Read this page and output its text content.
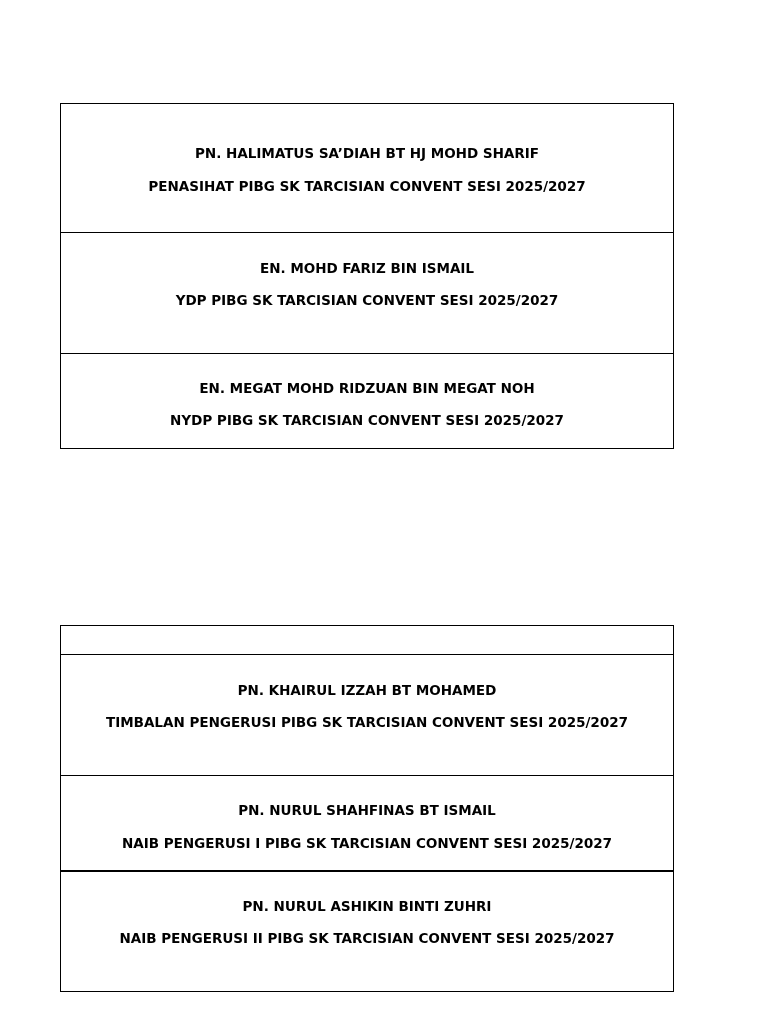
PN. HALIMATUS SA’DIAH BT HJ MOHD SHARIF
PENASIHAT PIBG SK TARCISIAN CONVENT SESI 2025/2027
EN. MOHD FARIZ BIN ISMAIL
YDP PIBG SK TARCISIAN CONVENT SESI 2025/2027
EN. MEGAT MOHD RIDZUAN BIN MEGAT NOH
NYDP PIBG SK TARCISIAN CONVENT SESI 2025/2027
PN. KHAIRUL IZZAH BT MOHAMED
TIMBALAN PENGERUSI PIBG SK TARCISIAN CONVENT SESI 2025/2027
PN. NURUL SHAHFINAS BT ISMAIL
NAIB PENGERUSI I PIBG SK TARCISIAN CONVENT SESI 2025/2027
PN. NURUL ASHIKIN BINTI ZUHRI
NAIB PENGERUSI II PIBG SK TARCISIAN CONVENT SESI 2025/2027
